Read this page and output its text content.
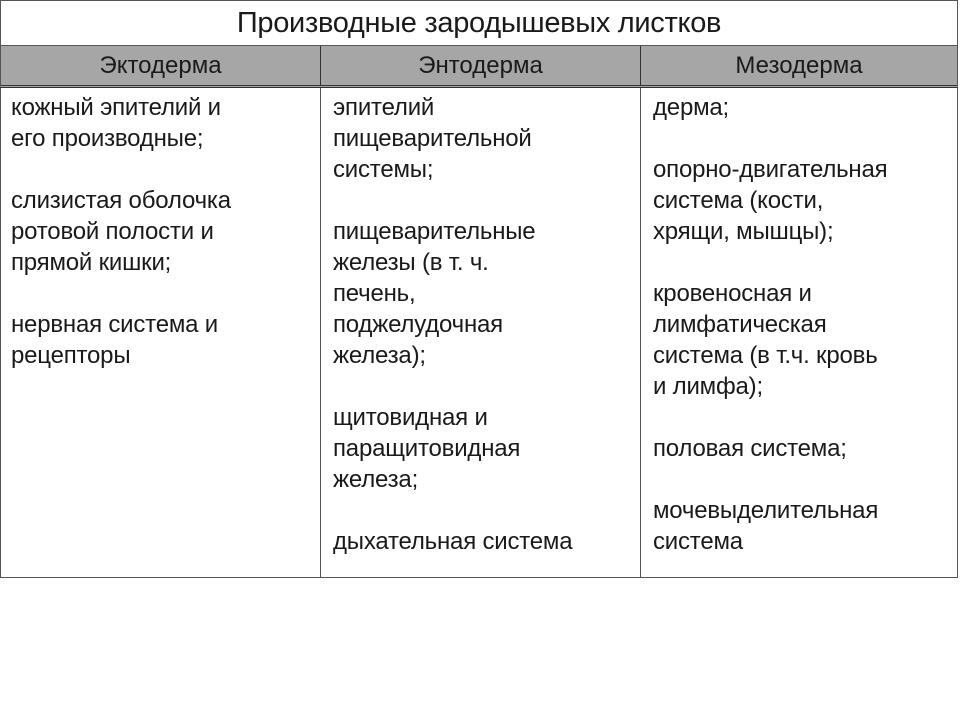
Производные зародышевых листков
Эктодерма	Энтодерма	Мезодерма
кожный эпителий и
его производные;
слизистая оболочка
ротовой полости и
прямой кишки;
нервная система и
рецепторы
эпителий
пищеварительной
системы;
пищеварительные
железы (в т. ч.
печень,
поджелудочная
железа);
щитовидная и
паращитовидная
железа;
дыхательная система
дерма;
опорно-двигательная
система (кости,
хрящи, мышцы);
кровеносная и
лимфатическая
система (в т.ч. кровь
и лимфа);
половая система;
мочевыделительная
система
